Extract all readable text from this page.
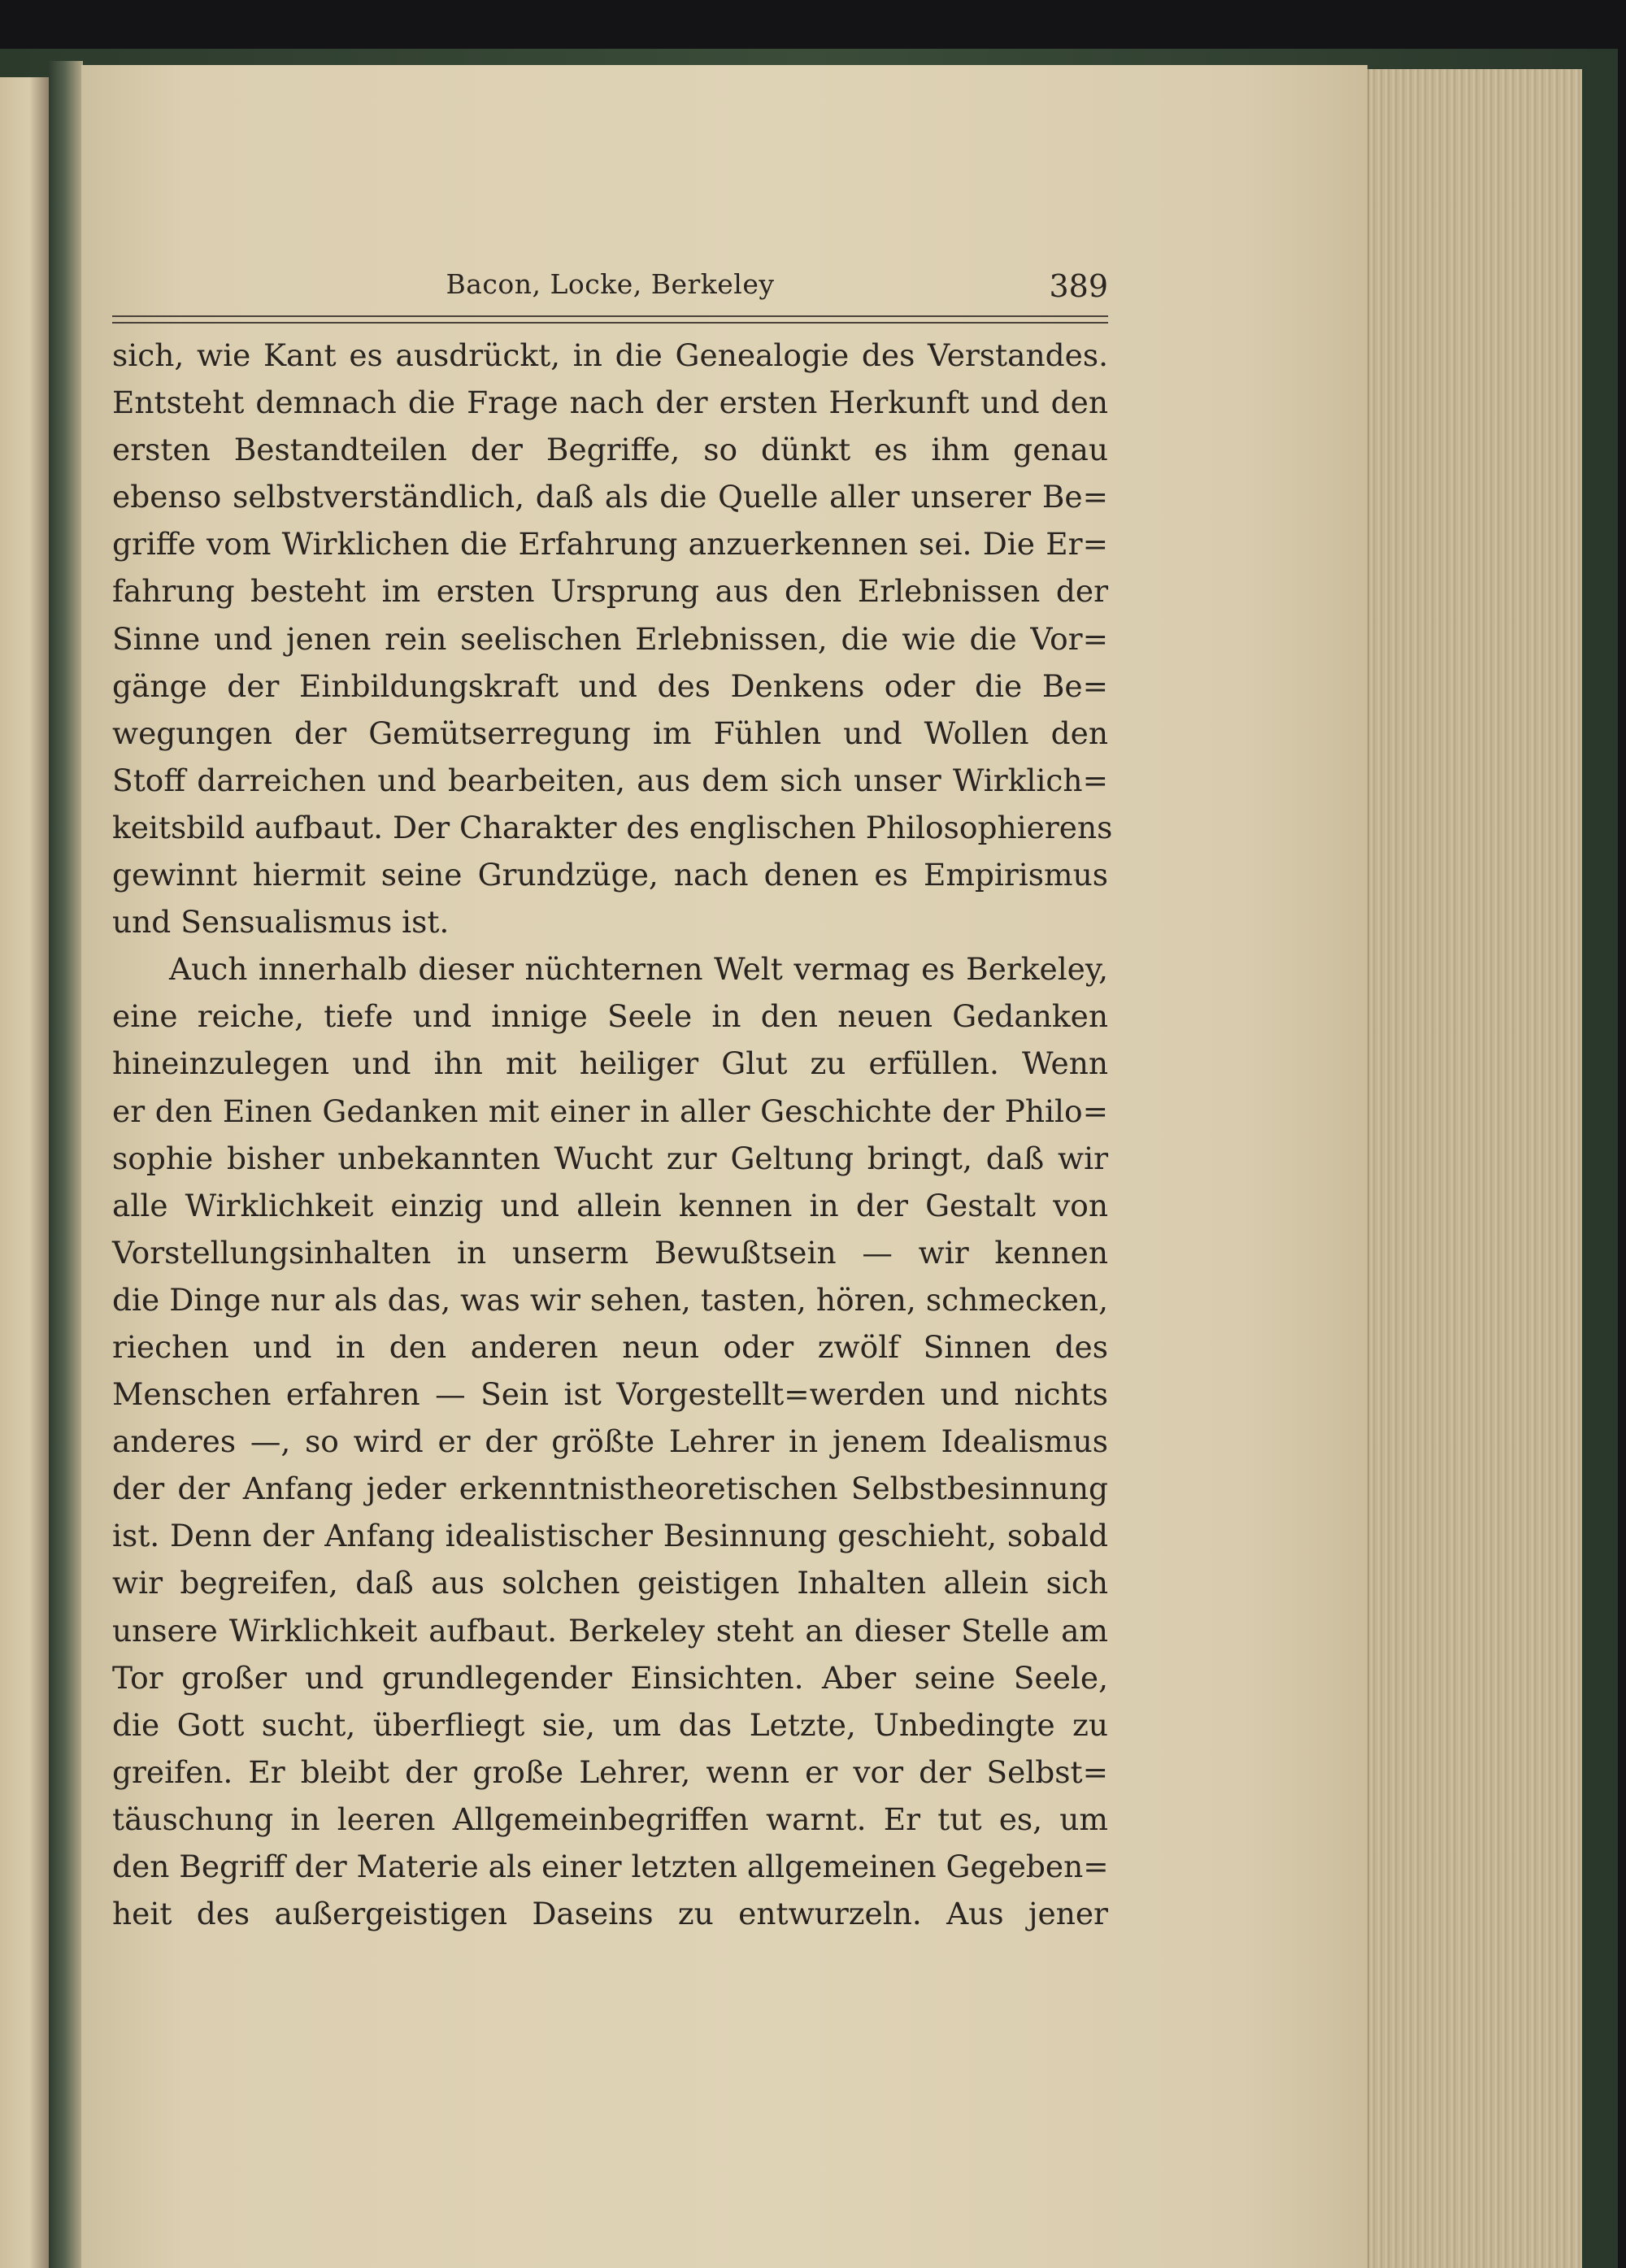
Bacon, Locke, Berkeley	389
sich, wie Kant es ausdrückt, in die Genealogie des Verstandes.
Entsteht demnach die Frage nach der ersten Herkunft und den
ersten Bestandteilen der Begriffe, so dünkt es ihm genau
ebenso selbstverständlich, daß als die Quelle aller unserer Be=
griffe vom Wirklichen die Erfahrung anzuerkennen sei. Die Er=
fahrung besteht im ersten Ursprung aus den Erlebnissen der
Sinne und jenen rein seelischen Erlebnissen, die wie die Vor=
gänge der Einbildungskraft und des Denkens oder die Be=
wegungen der Gemütserregung im Fühlen und Wollen den
Stoff darreichen und bearbeiten, aus dem sich unser Wirklich=
keitsbild aufbaut. Der Charakter des englischen Philosophierens
gewinnt hiermit seine Grundzüge, nach denen es Empirismus
und Sensualismus ist.
Auch innerhalb dieser nüchternen Welt vermag es Berkeley,
eine reiche, tiefe und innige Seele in den neuen Gedanken
hineinzulegen und ihn mit heiliger Glut zu erfüllen. Wenn
er den Einen Gedanken mit einer in aller Geschichte der Philo=
sophie bisher unbekannten Wucht zur Geltung bringt, daß wir
alle Wirklichkeit einzig und allein kennen in der Gestalt von
Vorstellungsinhalten in unserm Bewußtsein — wir kennen
die Dinge nur als das, was wir sehen, tasten, hören, schmecken,
riechen und in den anderen neun oder zwölf Sinnen des
Menschen erfahren — Sein ist Vorgestellt=werden und nichts
anderes —, so wird er der größte Lehrer in jenem Idealismus
der der Anfang jeder erkenntnistheoretischen Selbstbesinnung
ist. Denn der Anfang idealistischer Besinnung geschieht, sobald
wir begreifen, daß aus solchen geistigen Inhalten allein sich
unsere Wirklichkeit aufbaut. Berkeley steht an dieser Stelle am
Tor großer und grundlegender Einsichten. Aber seine Seele,
die Gott sucht, überfliegt sie, um das Letzte, Unbedingte zu
greifen. Er bleibt der große Lehrer, wenn er vor der Selbst=
täuschung in leeren Allgemeinbegriffen warnt. Er tut es, um
den Begriff der Materie als einer letzten allgemeinen Gegeben=
heit des außergeistigen Daseins zu entwurzeln. Aus jener
